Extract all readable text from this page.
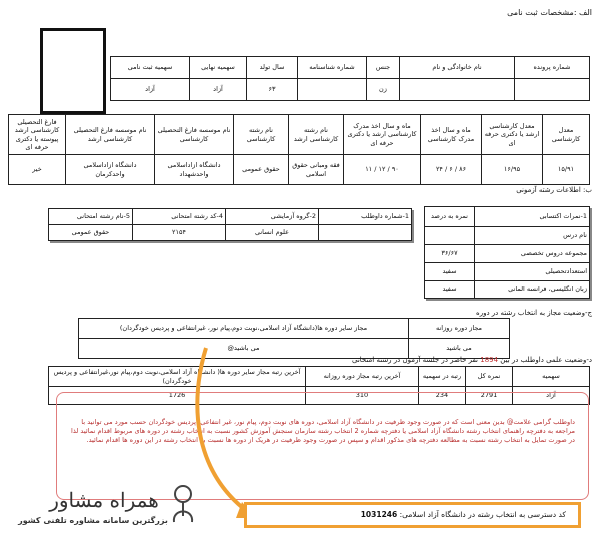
الف :مشخصات ثبت نامی
شماره پرونده	نام خانوادگی و نام	جنس	شماره شناسنامه	سال تولد	سهمیه نهایی	سهمیه ثبت نامی
		زن		۶۳	آزاد	آزاد
معدل کارشناسی	معدل کارشناسی ارشد یا دکتری حرفه ای	ماه و سال اخذ مدرک کارشناسی	ماه و سال اخذ مدرک کارشناسی ارشد یا دکتری حرفه ای	نام رشته کارشناسی ارشد	نام رشته کارشناسی	نام موسسه فارغ التحصیلی کارشناسی	نام موسسه فارغ التحصیلی کارشناسی ارشد	فارغ التحصیلی کارشناسی ارشد پیوسته یا دکتری حرفه ای
۱۵/۹۱	۱۶/۹۵	۸۶ / ۶ / ۲۴	۹۰ / ۱۲ / ۱۱	فقه ومبانی حقوق اسلامی	حقوق عمومی	دانشگاه ازاداسلامی واحدشهداد	دانشگاه ازاداسلامی واحدکرمان	خیر
ب: اطلاعات رشته آزمونی
1-نمرات اکتسابی	نمره به درصد
نام درس	
مجموعه دروس تخصصی	۳۶/۶۷
استعدادتحصیلی	سفید
زبان انگلیسی، فرانسه المانی	سفید
1-شماره داوطلب	2-گروه آزمایشی	4-کد رشته امتحانی	5-نام رشته امتحانی
	علوم انسانی	۲۱۵۴	حقوق عمومی
ج-وضعیت مجاز به انتخاب رشته در دوره
مجاز دوره روزانه	مجاز سایر دوره ها(دانشگاه آزاد اسلامی،نوبت دوم،پیام نور، غیرانتفاعی و پردیس خودگردان)
می باشید	می باشید@
د-وضعیت علمی داوطلب در بین 1894 نفر حاضر در جلسه آزمون در رشته امتحانی
سهمیه	نمره کل	رتبه در سهمیه	آخرین رتبه مجاز دوره روزانه	آخرین رتبه مجاز سایر دوره ها( دانشگاه آزاد اسلامی،نوبت دوم،پیام نور،غیرانتفاعی و پردیس خودگردان)
آزاد	2791	234	310	1726
داوطلب گرامی علامت@ بدین معنی است که در صورت وجود ظرفیت در دانشگاه آزاد اسلامی، دوره های نوبت دوم، پیام نور، غیر انتفاعی، پردیس خودگردان حسب مورد می توانید با مراجعه به دفترچه راهنمای انتخاب رشته دانشگاه آزاد اسلامی یا دفترچه شماره 2 انتخاب رشته سازمان سنجش آموزش کشور نسبت به انتخاب رشته در دوره های مربوط اقدام نمائید لذا در صورت تمایل به انتخاب رشته نسبت به مطالعه دفترچه های مذکور اقدام و سپس در صورت وجود ظرفیت در هریک از دوره ها نسبت به انتخاب رشته در این دوره ها اقدام نمائید.
کد دسترسی به انتخاب رشته در دانشگاه آزاد اسلامی: 1031246
همراه مشاور
بزرگترین سامانه مشاوره تلفنی کشور
